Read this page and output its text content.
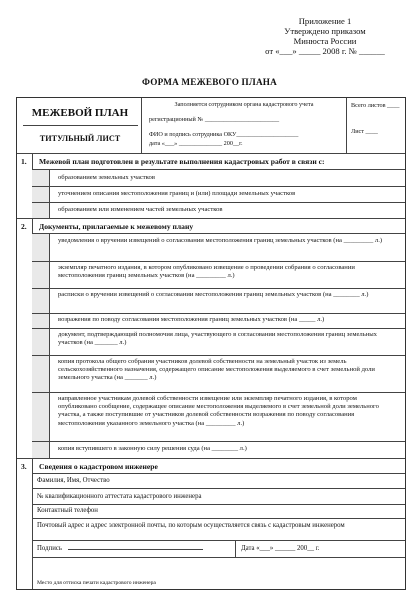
Приложение 1
Утверждено приказом
Минюста России
от «___» _____ 2008 г. № ______
ФОРМА МЕЖЕВОГО ПЛАНА
МЕЖЕВОЙ ПЛАН
ТИТУЛЬНЫЙ ЛИСТ
Заполняется сотрудником органа кадастрового учета
регистрационный № ________________________
ФИО и подпись сотрудника ОКУ____________________
дата «___» ______________ 200__г.
Всего листов ____
Лист ____
1. Межевой план подготовлен в результате выполнения кадастровых работ в связи с:
образованием земельных участков
уточнением описания местоположения границ и (или) площади земельных участков
образованием или изменением частей земельных участков
2. Документы, прилагаемые к межевому плану
уведомления о вручении извещений о согласовании местоположения границ земельных участков (на _________ л.)
экземпляр печатного издания, в котором опубликовано извещение о проведении собрания о согласовании местоположения границ земельных участков (на _________ л.)
расписки о вручении извещений о согласовании местоположения границ земельных участков (на ________ л.)
возражения по поводу согласования местоположения границ земельных участков (на _____ л.)
документ, подтверждающий полномочия лица, участвующего в согласовании местоположения границ земельных участков (на _______ л.)
копия протокола общего собрания участников долевой собственности на земельный участок из земель сельскохозяйственного назначения, содержащего описание местоположения выделяемого в счет земельной доли земельного участка (на _______ л.)
направленное участникам долевой собственности извещение или экземпляр печатного издания, в котором опубликовано сообщение, содержащее описание местоположения выделяемого в счет земельной доли земельного участка, а также поступившие от участников долевой собственности возражения по поводу согласования местоположения указанного земельного участка (на _________ л.)
копия вступившего в законную силу решения суда (на ________ л.)
3. Сведения о кадастровом инженере
Фамилия, Имя, Отчество
№ квалификационного аттестата кадастрового инженера
Контактный телефон
Почтовый адрес и адрес электронной почты, по которым осуществляется связь с кадастровым инженером
Подпись	Дата «___» ______ 200__ г.
Место для оттиска печати кадастрового инженера
